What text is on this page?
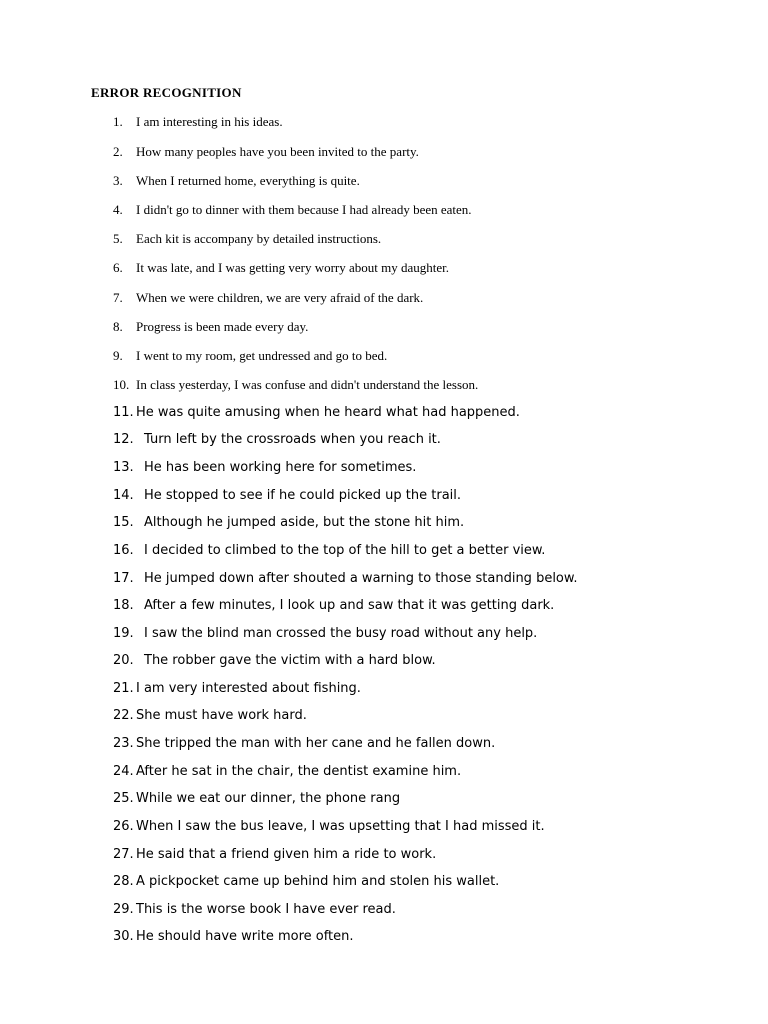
ERROR RECOGNITION
1. I am interesting in his ideas.
2. How many peoples have you been invited to the party.
3. When I returned home, everything is quite.
4. I didn't go to dinner with them because I had already been eaten.
5. Each kit is accompany by detailed instructions.
6. It was late, and I was getting very worry about my daughter.
7. When we were children, we are very afraid of the dark.
8. Progress is been made every day.
9. I went to my room, get undressed and go to bed.
10. In class yesterday, I was confuse and didn't understand the lesson.
11. He was quite amusing when he heard what had happened.
12. Turn left by the crossroads when you reach it.
13. He has been working here for sometimes.
14. He stopped to see if he could picked up the trail.
15. Although he jumped aside, but the stone hit him.
16. I decided to climbed to the top of the hill to get a better view.
17. He jumped down after shouted a warning to those standing below.
18. After a few minutes, I look up and saw that it was getting dark.
19. I saw the blind man crossed the busy road without any help.
20. The robber gave the victim with a hard blow.
21. I am very interested about fishing.
22. She must have work hard.
23. She tripped the man with her cane and he fallen down.
24. After he sat in the chair, the dentist examine him.
25. While we eat our dinner, the phone rang
26. When I saw the bus leave, I was upsetting that I had missed it.
27. He said that a friend given him a ride to work.
28. A pickpocket came up behind him and stolen his wallet.
29. This is the worse book I have ever read.
30. He should have write more often.
